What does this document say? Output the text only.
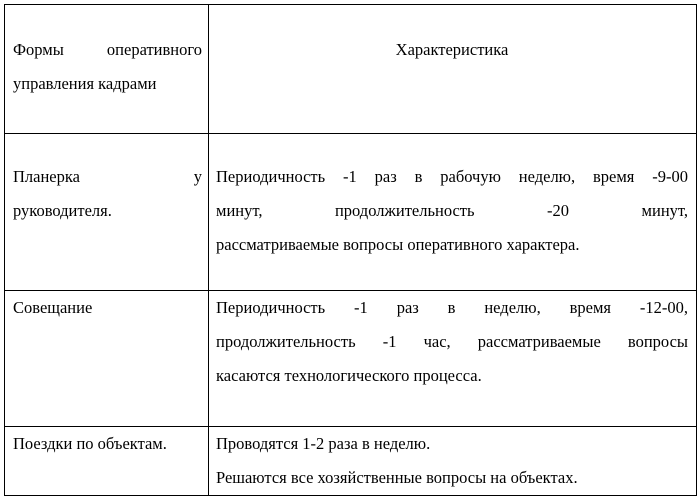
Формы оперативного
управления кадрами	Характеристика

Планерка у
руководителя.	Периодичность -1 раз в рабочую неделю, время -9-00
минут, продолжительность -20 минут,
рассматриваемые вопросы оперативного характера.

Совещание	Периодичность -1 раз в неделю, время -12-00,
продолжительность -1 час, рассматриваемые вопросы
касаются технологического процесса.

Поездки по объектам.	Проводятся 1-2 раза в неделю.
Решаются все хозяйственные вопросы на объектах.
